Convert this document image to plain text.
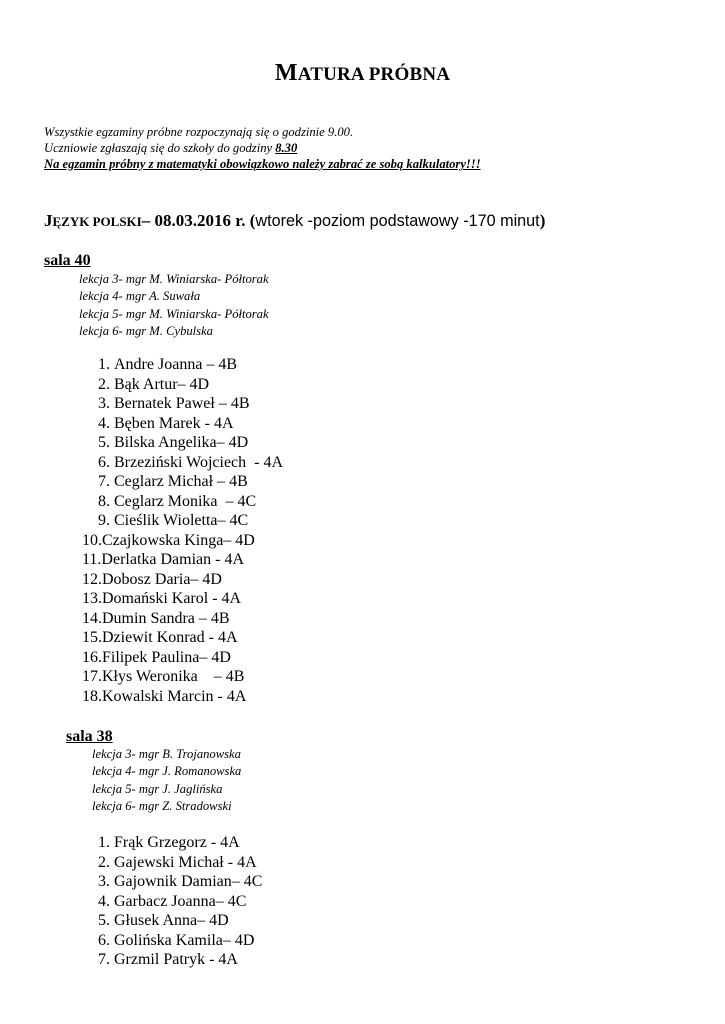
MATURA PRÓBNA
Wszystkie egzaminy próbne rozpoczynają się o godzinie 9.00.
Uczniowie zgłaszają się do szkoły do godziny 8.30
Na egzamin próbny z matematyki obowiązkowo należy zabrać ze sobą kalkulatory!!!
JĘZYK POLSKI– 08.03.2016 r. (wtorek -poziom podstawowy -170 minut)
sala 40
lekcja 3- mgr M. Winiarska- Półtorak
lekcja 4- mgr A. Suwała
lekcja 5- mgr M. Winiarska- Półtorak
lekcja 6- mgr M. Cybulska
1. Andre Joanna – 4B
2. Bąk Artur– 4D
3. Bernatek Paweł – 4B
4. Bęben Marek - 4A
5. Bilska Angelika– 4D
6. Brzeziński Wojciech  - 4A
7. Ceglarz Michał – 4B
8. Ceglarz Monika  – 4C
9. Cieślik Wioletta– 4C
10.Czajkowska Kinga– 4D
11.Derlatka Damian - 4A
12.Dobosz Daria– 4D
13.Domański Karol - 4A
14.Dumin Sandra – 4B
15.Dziewit Konrad - 4A
16.Filipek Paulina– 4D
17.Kłys Weronika    – 4B
18.Kowalski Marcin - 4A
sala 38
lekcja 3- mgr B. Trojanowska
lekcja 4- mgr J. Romanowska
lekcja 5- mgr J. Jaglińska
lekcja 6- mgr Z. Stradowski
1. Frąk Grzegorz - 4A
2. Gajewski Michał - 4A
3. Gajownik Damian– 4C
4. Garbacz Joanna– 4C
5. Głusek Anna– 4D
6. Golińska Kamila– 4D
7. Grzmil Patryk - 4A
